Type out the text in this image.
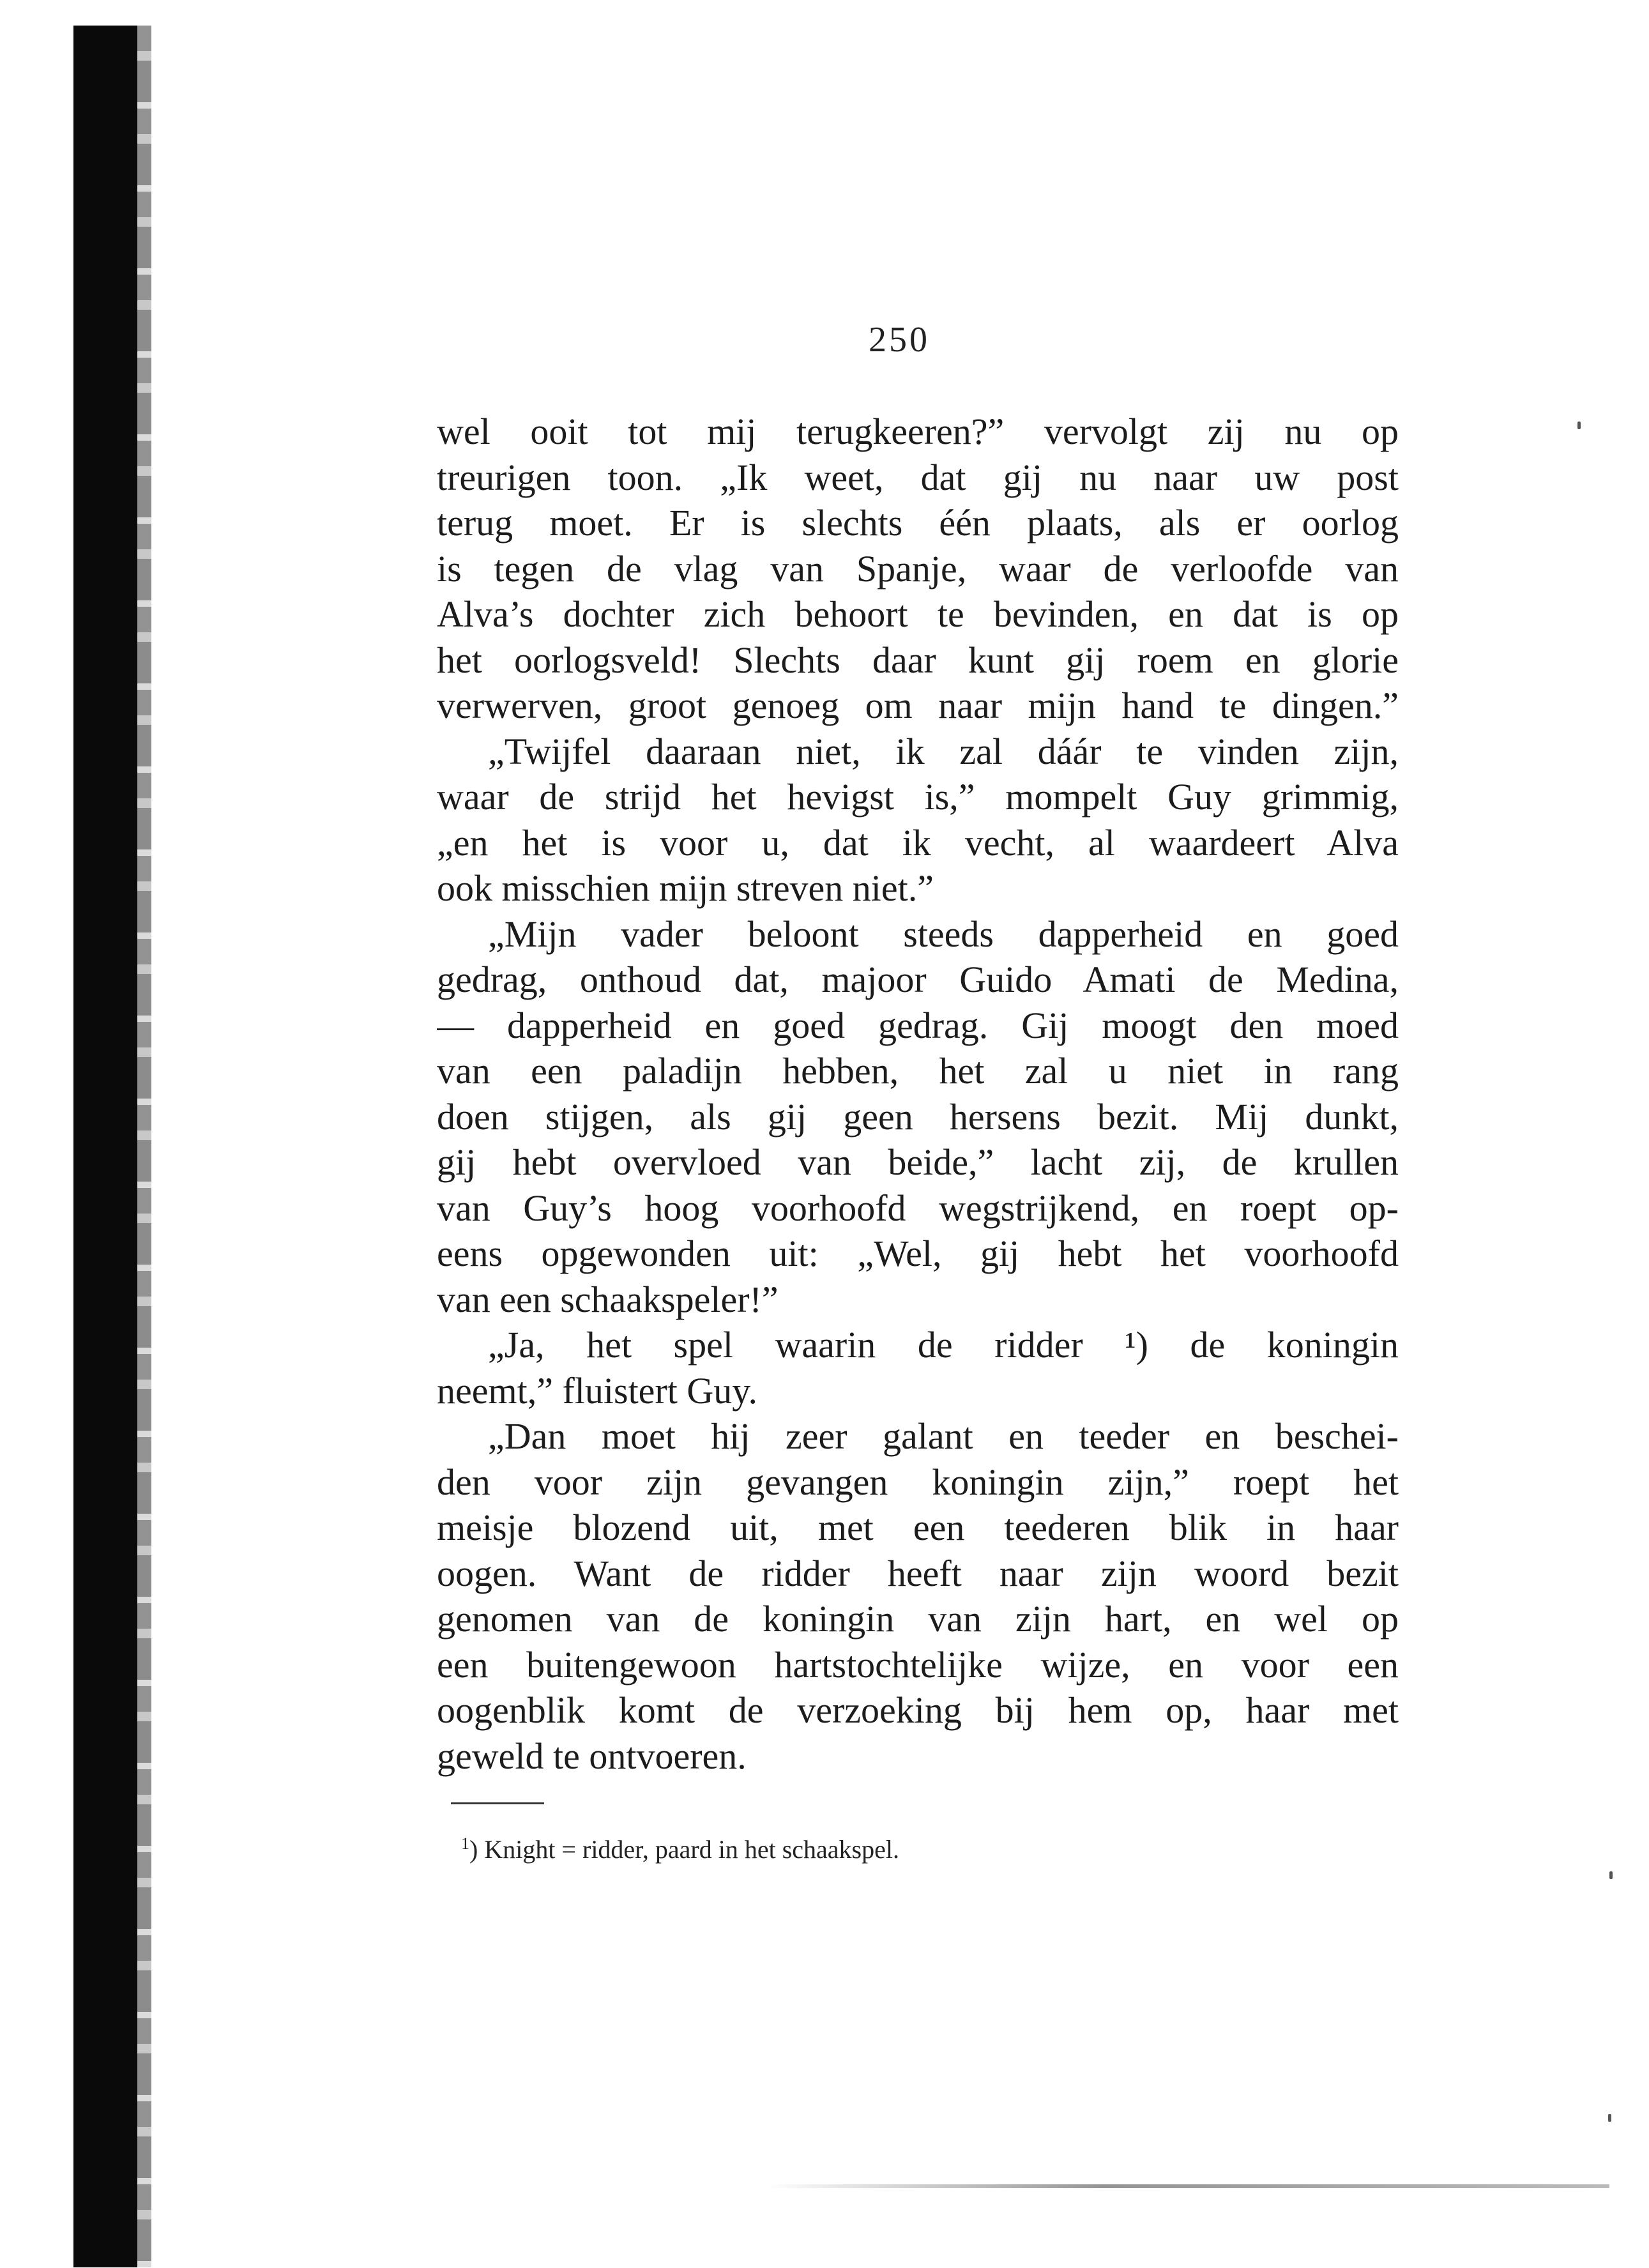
250
wel ooit tot mij terugkeeren?” vervolgt zij nu op
treurigen toon. „Ik weet, dat gij nu naar uw post
terug moet. Er is slechts één plaats, als er oorlog
is tegen de vlag van Spanje, waar de verloofde van
Alva’s dochter zich behoort te bevinden, en dat is op
het oorlogsveld! Slechts daar kunt gij roem en glorie
verwerven, groot genoeg om naar mijn hand te dingen.”
„Twijfel daaraan niet, ik zal dáár te vinden zijn,
waar de strijd het hevigst is,” mompelt Guy grimmig,
„en het is voor u, dat ik vecht, al waardeert Alva
ook misschien mijn streven niet.”
„Mijn vader beloont steeds dapperheid en goed
gedrag, onthoud dat, majoor Guido Amati de Medina,
— dapperheid en goed gedrag. Gij moogt den moed
van een paladijn hebben, het zal u niet in rang
doen stijgen, als gij geen hersens bezit. Mij dunkt,
gij hebt overvloed van beide,” lacht zij, de krullen
van Guy’s hoog voorhoofd wegstrijkend, en roept op-
eens opgewonden uit: „Wel, gij hebt het voorhoofd
van een schaakspeler!”
„Ja, het spel waarin de ridder ¹) de koningin
neemt,” fluistert Guy.
„Dan moet hij zeer galant en teeder en beschei-
den voor zijn gevangen koningin zijn,” roept het
meisje blozend uit, met een teederen blik in haar
oogen. Want de ridder heeft naar zijn woord bezit
genomen van de koningin van zijn hart, en wel op
een buitengewoon hartstochtelijke wijze, en voor een
oogenblik komt de verzoeking bij hem op, haar met
geweld te ontvoeren.
$^1$) Knight = ridder, paard in het schaakspel.
